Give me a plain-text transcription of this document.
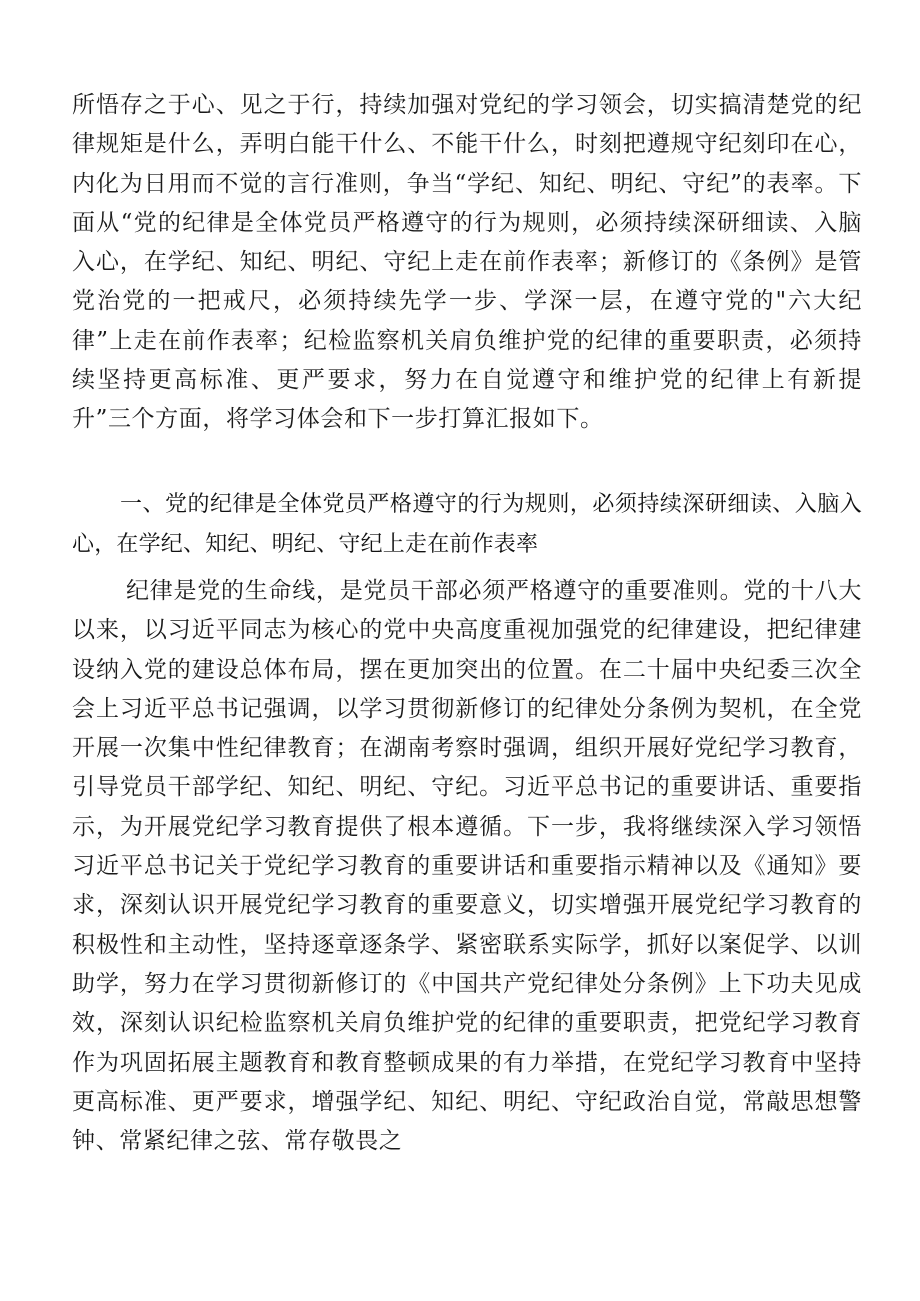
所悟存之于心、见之于行，持续加强对党纪的学习领会，切实搞清楚党的纪律规矩是什么，弄明白能干什么、不能干什么，时刻把遵规守纪刻印在心，内化为日用而不觉的言行准则，争当“学纪、知纪、明纪、守纪”的表率。下面从“党的纪律是全体党员严格遵守的行为规则，必须持续深研细读、入脑入心，在学纪、知纪、明纪、守纪上走在前作表率；新修订的《条例》是管党治党的一把戒尺，必须持续先学一步、学深一层，在遵守党的"六大纪律”上走在前作表率；纪检监察机关肩负维护党的纪律的重要职责，必须持续坚持更高标准、更严要求，努力在自觉遵守和维护党的纪律上有新提升”三个方面，将学习体会和下一步打算汇报如下。

一、党的纪律是全体党员严格遵守的行为规则，必须持续深研细读、入脑入心，在学纪、知纪、明纪、守纪上走在前作表率

纪律是党的生命线，是党员干部必须严格遵守的重要准则。党的十八大以来，以习近平同志为核心的党中央高度重视加强党的纪律建设，把纪律建设纳入党的建设总体布局，摆在更加突出的位置。在二十届中央纪委三次全会上习近平总书记强调，以学习贯彻新修订的纪律处分条例为契机，在全党开展一次集中性纪律教育；在湖南考察时强调，组织开展好党纪学习教育，引导党员干部学纪、知纪、明纪、守纪。习近平总书记的重要讲话、重要指示，为开展党纪学习教育提供了根本遵循。下一步，我将继续深入学习领悟习近平总书记关于党纪学习教育的重要讲话和重要指示精神以及《通知》要求，深刻认识开展党纪学习教育的重要意义，切实增强开展党纪学习教育的积极性和主动性，坚持逐章逐条学、紧密联系实际学，抓好以案促学、以训助学，努力在学习贯彻新修订的《中国共产党纪律处分条例》上下功夫见成效，深刻认识纪检监察机关肩负维护党的纪律的重要职责，把党纪学习教育作为巩固拓展主题教育和教育整顿成果的有力举措，在党纪学习教育中坚持更高标准、更严要求，增强学纪、知纪、明纪、守纪政治自觉，常敲思想警钟、常紧纪律之弦、常存敬畏之
